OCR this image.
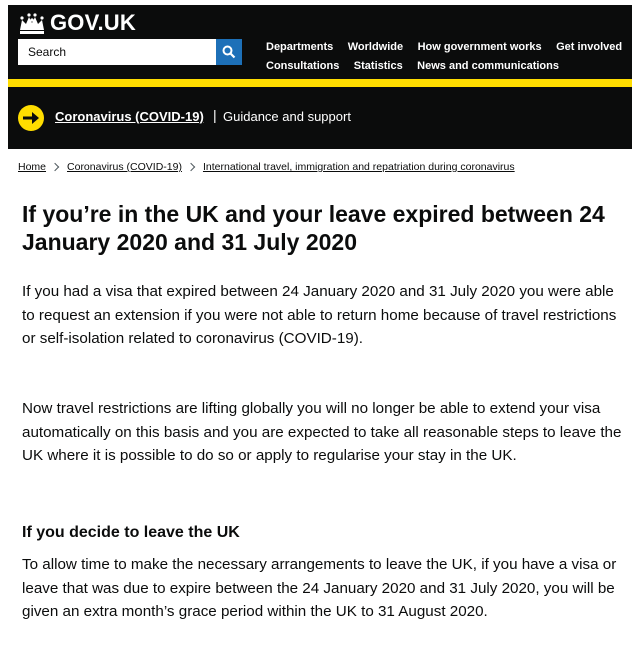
GOV.UK
Search
Departments Worldwide How government works Get involved
Consultations Statistics News and communications
Coronavirus (COVID-19) | Guidance and support
Home Coronavirus (COVID-19) International travel, immigration and repatriation during coronavirus
If you’re in the UK and your leave expired between 24 January 2020 and 31 July 2020

If you had a visa that expired between 24 January 2020 and 31 July 2020 you were able to request an extension if you were not able to return home because of travel restrictions or self-isolation related to coronavirus (COVID-19).

Now travel restrictions are lifting globally you will no longer be able to extend your visa automatically on this basis and you are expected to take all reasonable steps to leave the UK where it is possible to do so or apply to regularise your stay in the UK.

If you decide to leave the UK

To allow time to make the necessary arrangements to leave the UK, if you have a visa or leave that was due to expire between the 24 January 2020 and 31 July 2020, you will be given an extra month’s grace period within the UK to 31 August 2020.
